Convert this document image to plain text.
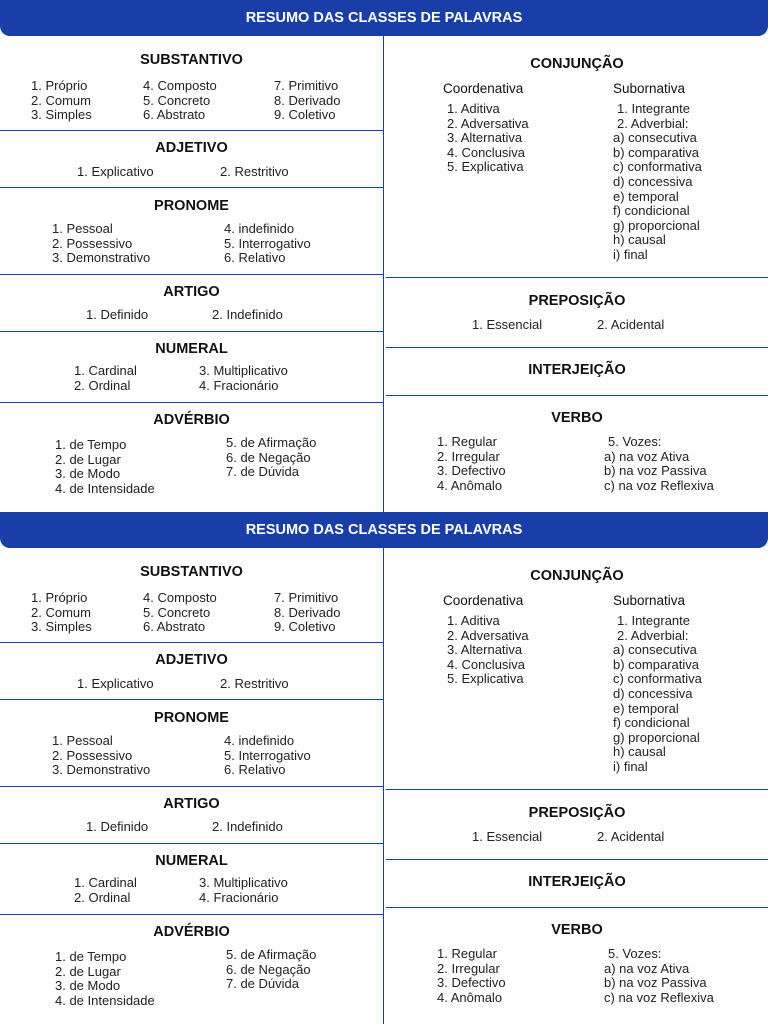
RESUMO DAS CLASSES DE PALAVRAS
SUBSTANTIVO
1. Próprio
2. Comum
3. Simples
4. Composto
5. Concreto
6. Abstrato
7. Primitivo
8. Derivado
9. Coletivo
ADJETIVO
1. Explicativo	2. Restritivo
PRONOME
1. Pessoal
2. Possessivo
3. Demonstrativo
4. indefinido
5. Interrogativo
6. Relativo
ARTIGO
1. Definido	2. Indefinido
NUMERAL
1. Cardinal
2. Ordinal
3. Multiplicativo
4. Fracionário
ADVÉRBIO
1. de Tempo
2. de Lugar
3. de Modo
4. de Intensidade
5. de Afirmação
6. de Negação
7. de Dúvida
CONJUNÇÃO
Coordenativa
1. Aditiva
2. Adversativa
3. Alternativa
4. Conclusiva
5. Explicativa
Subornativa
1. Integrante
2. Adverbial:
a) consecutiva
b) comparativa
c) conformativa
d) concessiva
e) temporal
f) condicional
g) proporcional
h) causal
i) final
PREPOSIÇÃO
1. Essencial	2. Acidental
INTERJEIÇÃO
VERBO
1. Regular
2. Irregular
3. Defectivo
4. Anômalo
5. Vozes:
a) na voz Ativa
b) na voz Passiva
c) na voz Reflexiva
RESUMO DAS CLASSES DE PALAVRAS
SUBSTANTIVO
1. Próprio
2. Comum
3. Simples
4. Composto
5. Concreto
6. Abstrato
7. Primitivo
8. Derivado
9. Coletivo
ADJETIVO
1. Explicativo	2. Restritivo
PRONOME
1. Pessoal
2. Possessivo
3. Demonstrativo
4. indefinido
5. Interrogativo
6. Relativo
ARTIGO
1. Definido	2. Indefinido
NUMERAL
1. Cardinal
2. Ordinal
3. Multiplicativo
4. Fracionário
ADVÉRBIO
1. de Tempo
2. de Lugar
3. de Modo
4. de Intensidade
5. de Afirmação
6. de Negação
7. de Dúvida
CONJUNÇÃO
Coordenativa
1. Aditiva
2. Adversativa
3. Alternativa
4. Conclusiva
5. Explicativa
Subornativa
1. Integrante
2. Adverbial:
a) consecutiva
b) comparativa
c) conformativa
d) concessiva
e) temporal
f) condicional
g) proporcional
h) causal
i) final
PREPOSIÇÃO
1. Essencial	2. Acidental
INTERJEIÇÃO
VERBO
1. Regular
2. Irregular
3. Defectivo
4. Anômalo
5. Vozes:
a) na voz Ativa
b) na voz Passiva
c) na voz Reflexiva
